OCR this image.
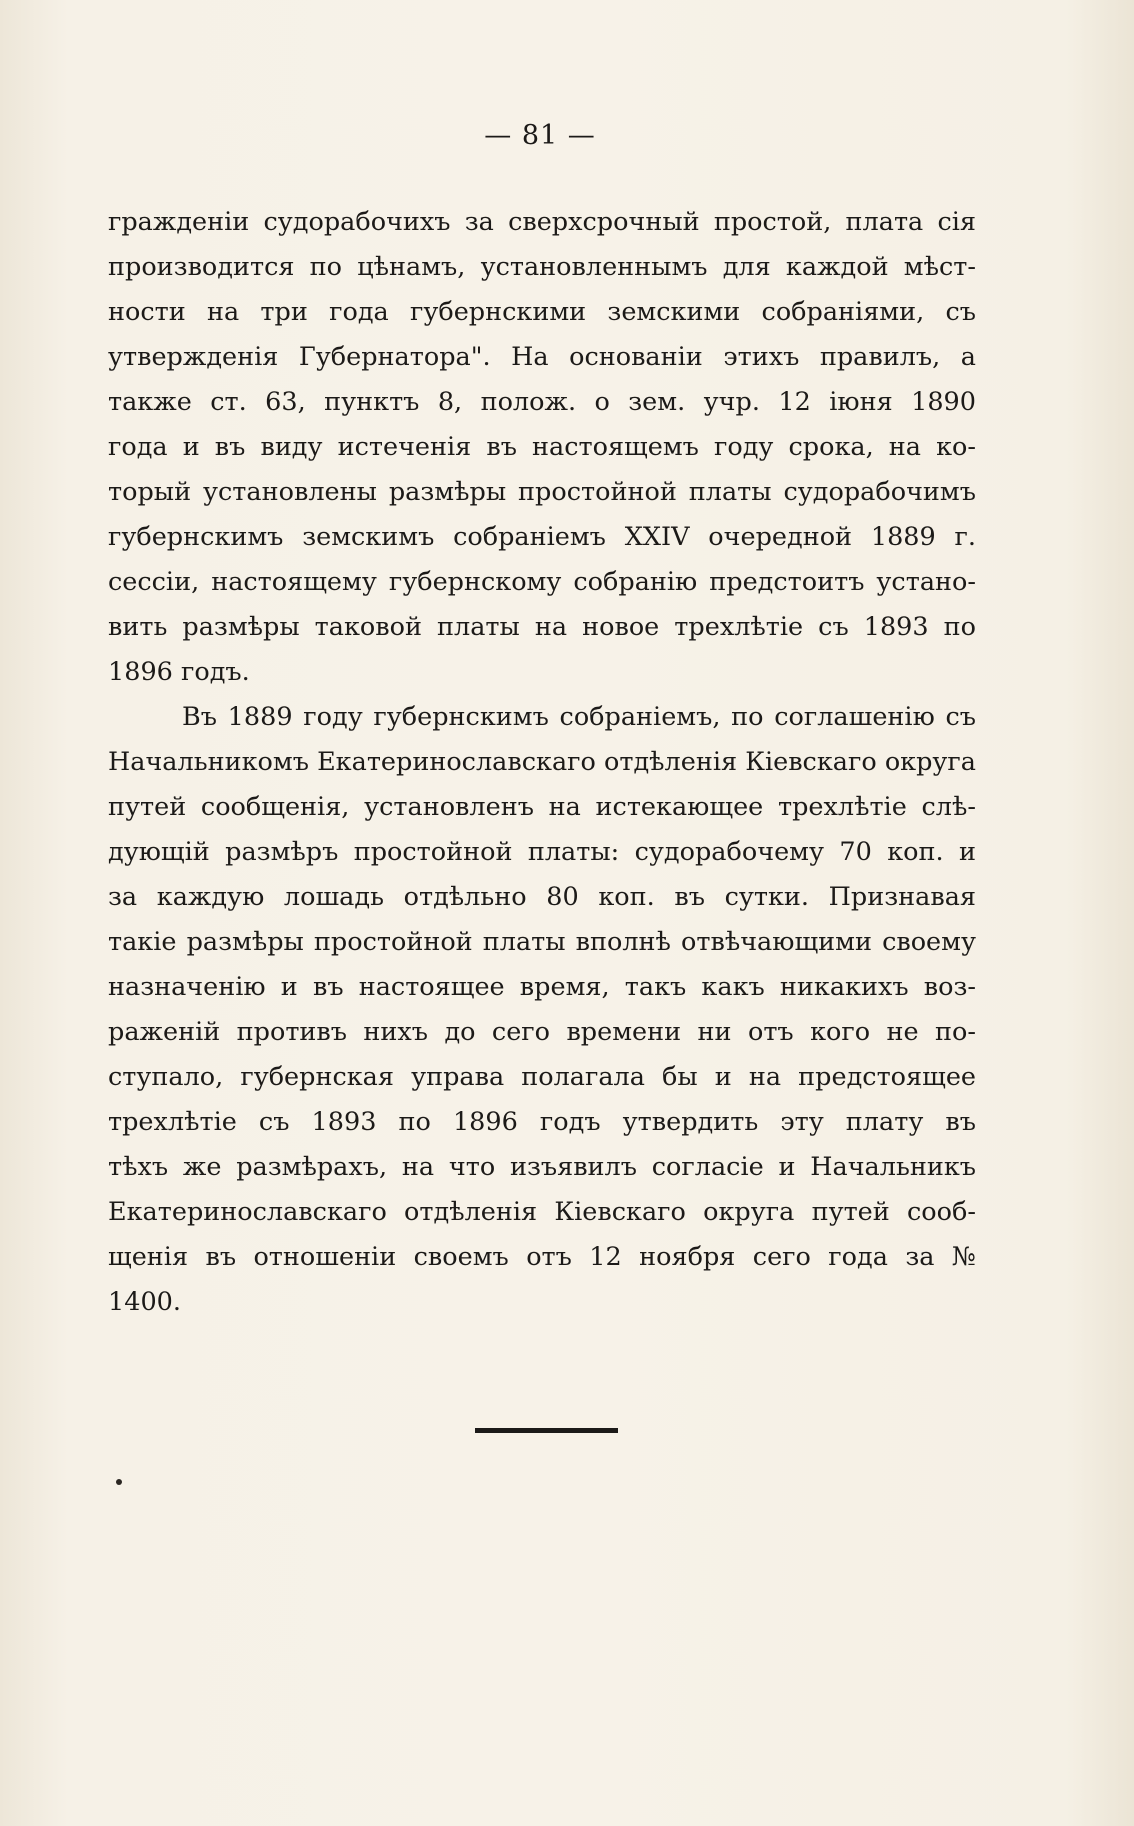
— 81 —
гражденіи судорабочихъ за сверхсрочный простой, плата сія
производится по цѣнамъ, установленнымъ для каждой мѣст-
ности на три года губернскими земскими собраніями, съ
утвержденія Губернатора". На основаніи этихъ правилъ, а
также ст. 63, пунктъ 8, полож. о зем. учр. 12 іюня 1890
года и въ виду истеченія въ настоящемъ году срока, на ко-
торый установлены размѣры простойной платы судорабочимъ
губернскимъ земскимъ собраніемъ XXIV очередной 1889 г.
сессіи, настоящему губернскому собранію предстоитъ устано-
вить размѣры таковой платы на новое трехлѣтіе съ 1893 по
1896 годъ.
Въ 1889 году губернскимъ собраніемъ, по соглашенію съ
Начальникомъ Екатеринославскаго отдѣленія Кіевскаго округа
путей сообщенія, установленъ на истекающее трехлѣтіе слѣ-
дующій размѣръ простойной платы: судорабочему 70 коп. и
за каждую лошадь отдѣльно 80 коп. въ сутки. Признавая
такіе размѣры простойной платы вполнѣ отвѣчающими своему
назначенію и въ настоящее время, такъ какъ никакихъ воз-
раженій противъ нихъ до сего времени ни отъ кого не по-
ступало, губернская управа полагала бы и на предстоящее
трехлѣтіе съ 1893 по 1896 годъ утвердить эту плату въ
тѣхъ же размѣрахъ, на что изъявилъ согласіе и Начальникъ
Екатеринославскаго отдѣленія Кіевскаго округа путей сооб-
щенія въ отношеніи своемъ отъ 12 ноября сего года за №
1400.
